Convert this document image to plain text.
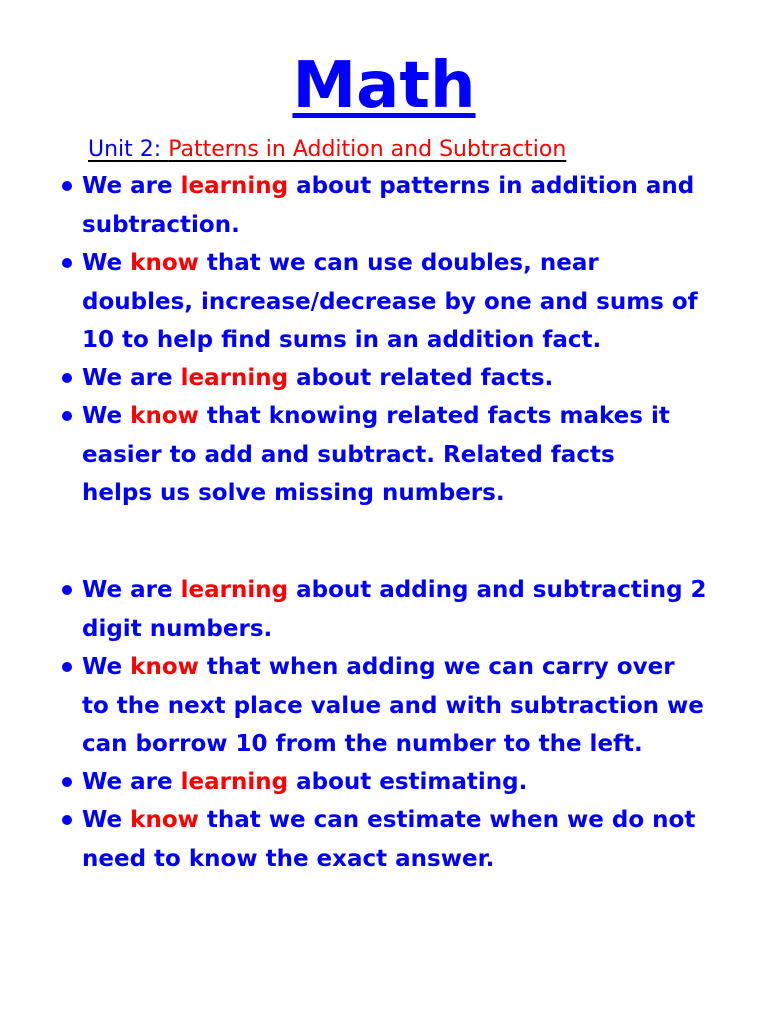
Math
Unit 2: Patterns in Addition and Subtraction
We are learning about patterns in addition and
subtraction.
We know that we can use doubles, near
doubles, increase/decrease by one and sums of
10 to help find sums in an addition fact.
We are learning about related facts.
We know that knowing related facts makes it
easier to add and subtract. Related facts
helps us solve missing numbers.
We are learning about adding and subtracting 2
digit numbers.
We know that when adding we can carry over
to the next place value and with subtraction we
can borrow 10 from the number to the left.
We are learning about estimating.
We know that we can estimate when we do not
need to know the exact answer.
